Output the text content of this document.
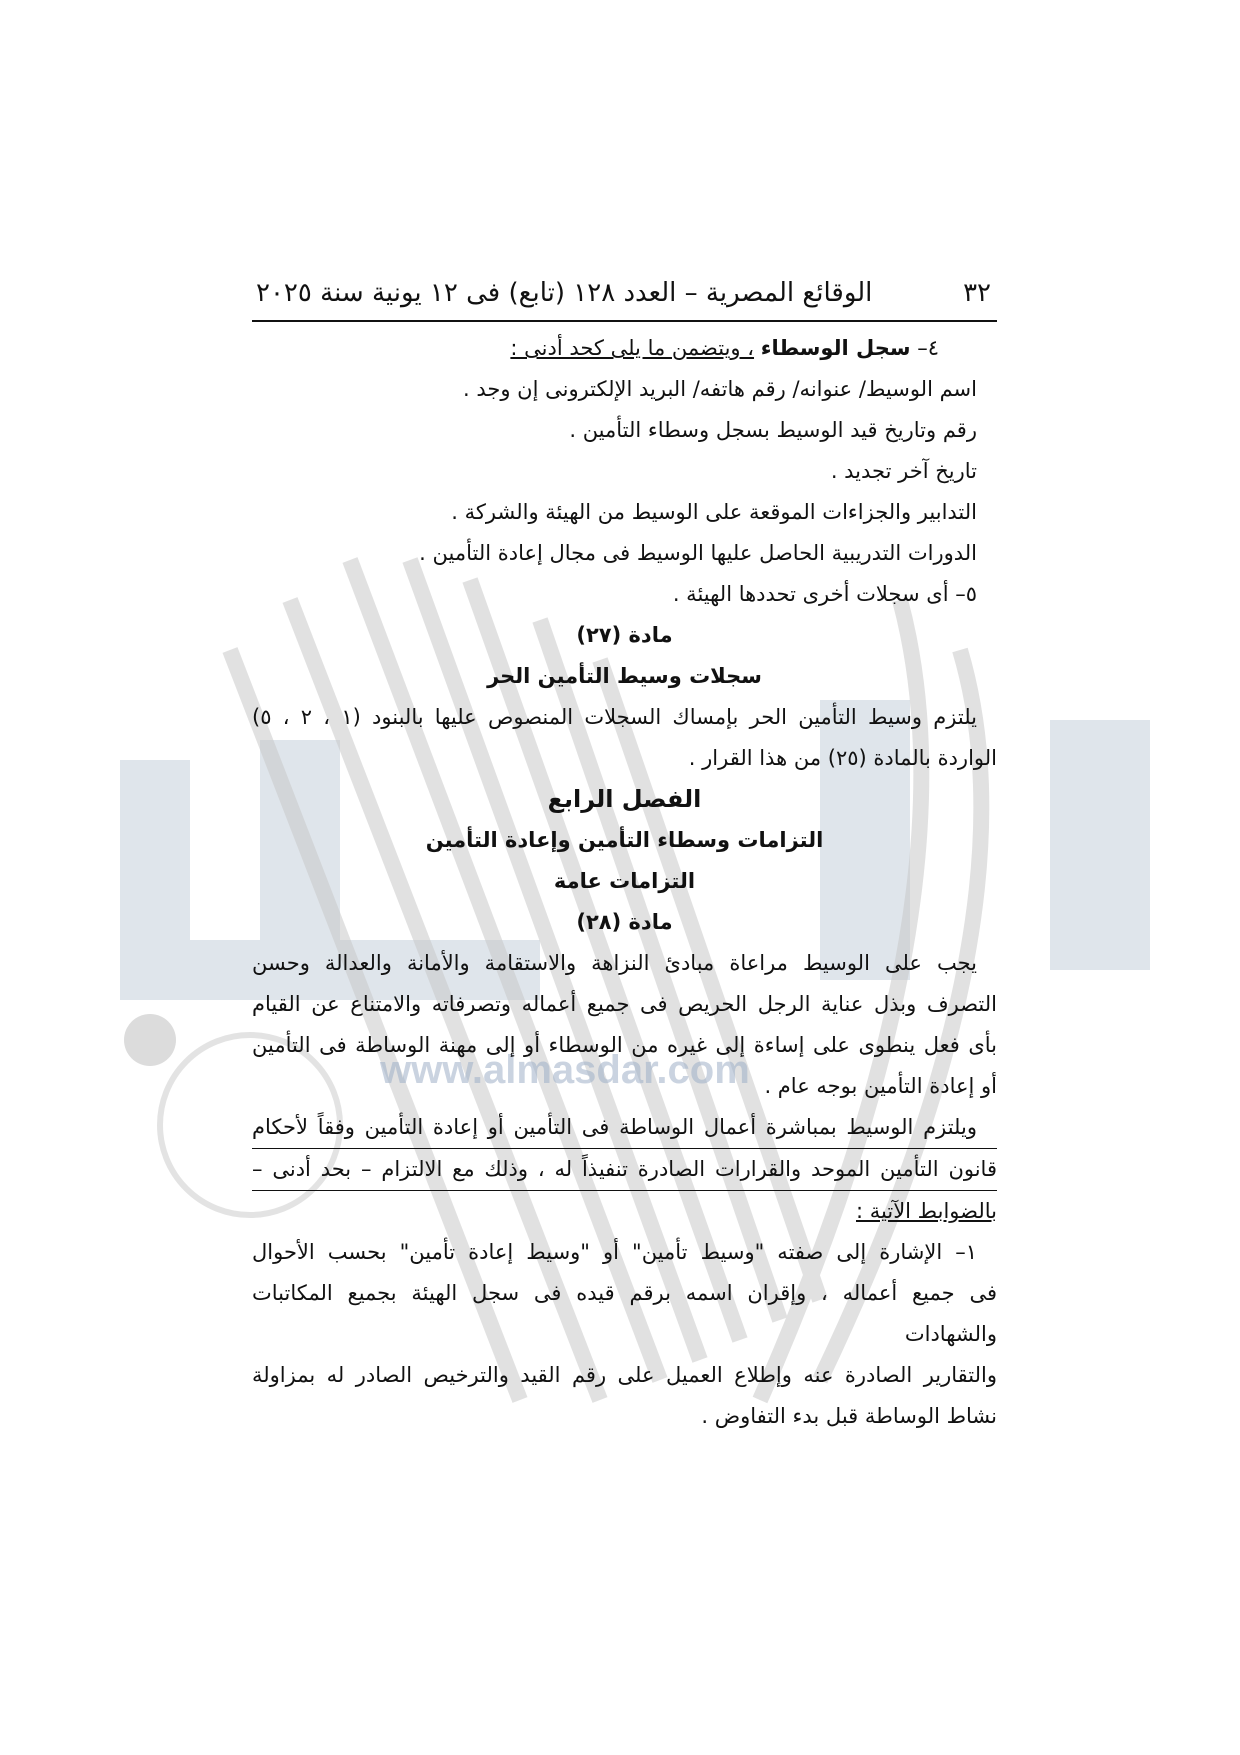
٣٢
الوقائع المصرية – العدد ١٢٨ (تابع) فى ١٢ يونية سنة ٢٠٢٥
٤– سجل الوسطاء ، ويتضمن ما يلى كحد أدنى :
اسم الوسيط/ عنوانه/ رقم هاتفه/ البريد الإلكترونى إن وجد .
رقم وتاريخ قيد الوسيط بسجل وسطاء التأمين .
تاريخ آخر تجديد .
التدابير والجزاءات الموقعة على الوسيط من الهيئة والشركة .
الدورات التدريبية الحاصل عليها الوسيط فى مجال إعادة التأمين .
٥– أى سجلات أخرى تحددها الهيئة .
مادة (٢٧)
سجلات وسيط التأمين الحر
يلتزم وسيط التأمين الحر بإمساك السجلات المنصوص عليها بالبنود (١ ، ٢ ، ٥)
الواردة بالمادة (٢٥) من هذا القرار .
الفصل الرابع
التزامات وسطاء التأمين وإعادة التأمين
التزامات عامة
مادة (٢٨)
يجب على الوسيط مراعاة مبادئ النزاهة والاستقامة والأمانة والعدالة وحسن
التصرف وبذل عناية الرجل الحريص فى جميع أعماله وتصرفاته والامتناع عن القيام
بأى فعل ينطوى على إساءة إلى غيره من الوسطاء أو إلى مهنة الوساطة فى التأمين
أو إعادة التأمين بوجه عام .
ويلتزم الوسيط بمباشرة أعمال الوساطة فى التأمين أو إعادة التأمين وفقاً لأحكام
قانون التأمين الموحد والقرارات الصادرة تنفيذاً له ، وذلك مع الالتزام – بحد أدنى –
بالضوابط الآتية :
١– الإشارة إلى صفته "وسيط تأمين" أو "وسيط إعادة تأمين" بحسب الأحوال
فى جميع أعماله ، وإقران اسمه برقم قيده فى سجل الهيئة بجميع المكاتبات والشهادات
والتقارير الصادرة عنه وإطلاع العميل على رقم القيد والترخيص الصادر له بمزاولة
نشاط الوساطة قبل بدء التفاوض .
www.almasdar.com
